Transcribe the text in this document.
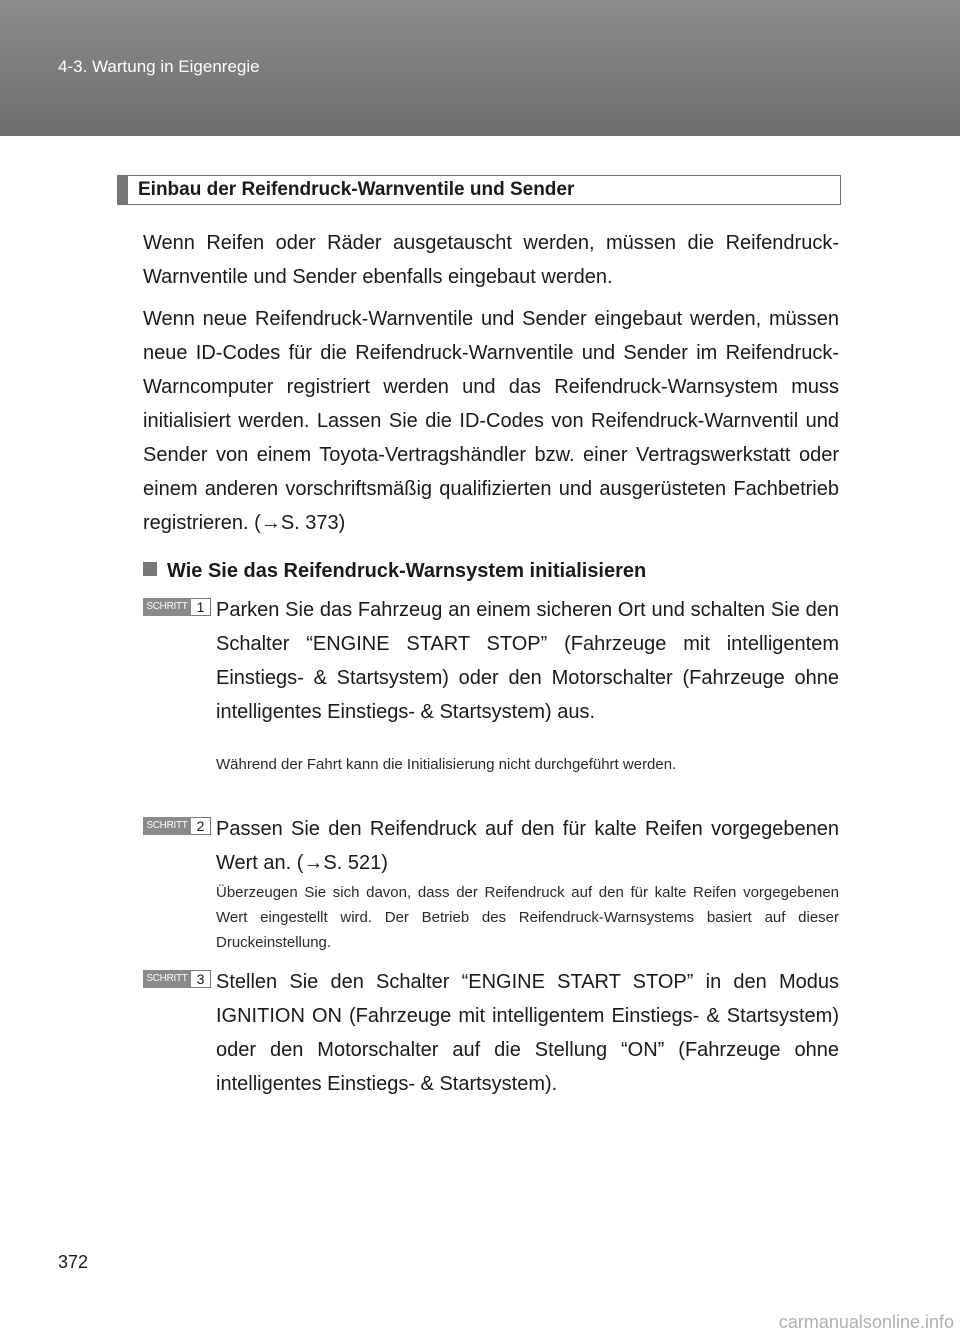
4-3. Wartung in Eigenregie
Einbau der Reifendruck-Warnventile und Sender

Wenn Reifen oder Räder ausgetauscht werden, müssen die Reifendruck-Warnventile und Sender ebenfalls eingebaut werden.

Wenn neue Reifendruck-Warnventile und Sender eingebaut werden, müssen neue ID-Codes für die Reifendruck-Warnventile und Sender im Reifendruck-Warncomputer registriert werden und das Reifendruck-Warnsystem muss initialisiert werden. Lassen Sie die ID-Codes von Reifendruck-Warnventil und Sender von einem Toyota-Vertragshändler bzw. einer Vertragswerkstatt oder einem anderen vorschriftsmäßig qualifizierten und ausgerüsteten Fachbetrieb registrieren. (→S. 373)

Wie Sie das Reifendruck-Warnsystem initialisieren
SCHRITT 1 Parken Sie das Fahrzeug an einem sicheren Ort und schalten Sie den Schalter “ENGINE START STOP” (Fahrzeuge mit intelligentem Einstiegs- & Startsystem) oder den Motorschalter (Fahrzeuge ohne intelligentes Einstiegs- & Startsystem) aus.

Während der Fahrt kann die Initialisierung nicht durchgeführt werden.

SCHRITT 2 Passen Sie den Reifendruck auf den für kalte Reifen vorgegebenen Wert an. (→S. 521)

Überzeugen Sie sich davon, dass der Reifendruck auf den für kalte Reifen vorgegebenen Wert eingestellt wird. Der Betrieb des Reifendruck-Warnsystems basiert auf dieser Druckeinstellung.

SCHRITT 3 Stellen Sie den Schalter “ENGINE START STOP” in den Modus IGNITION ON (Fahrzeuge mit intelligentem Einstiegs- & Startsystem) oder den Motorschalter auf die Stellung “ON” (Fahrzeuge ohne intelligentes Einstiegs- & Startsystem).

372
carmanualsonline.info
